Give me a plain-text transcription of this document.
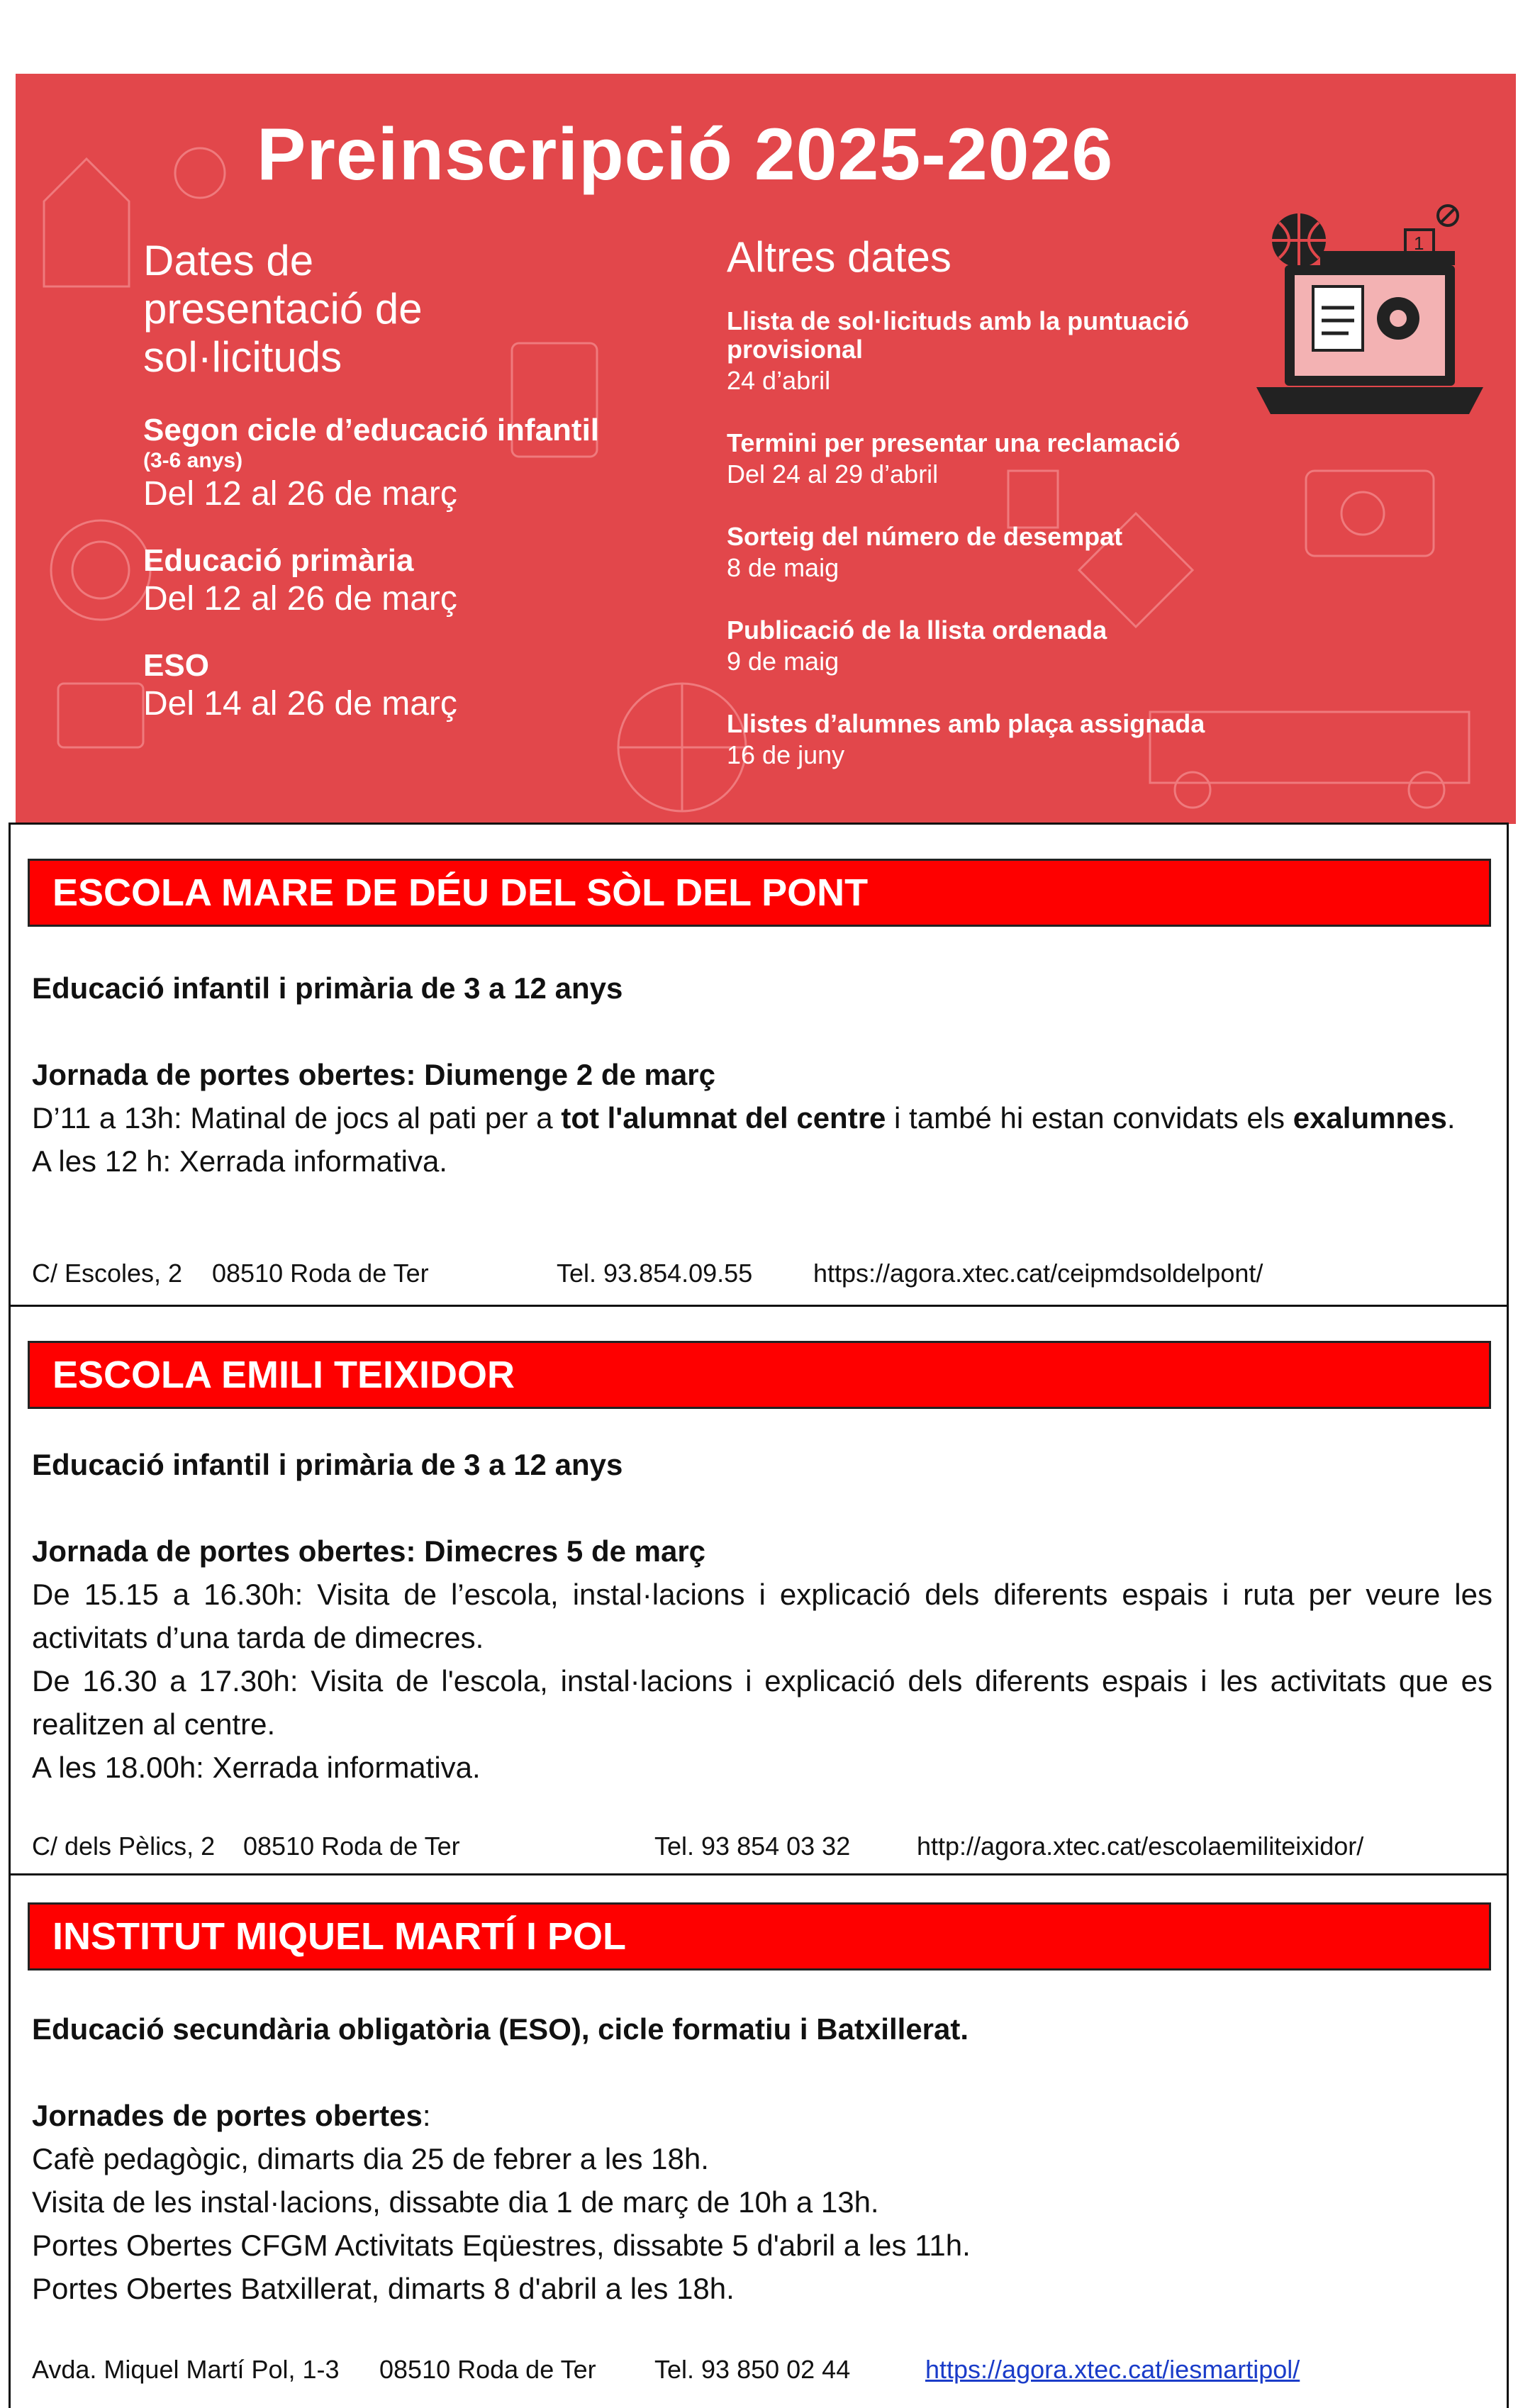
1
Preinscripció 2025-2026
Dates de
presentació de
sol·licituds
Segon cicle d’educació infantil
(3-6 anys)
Del 12 al 26 de març
Educació primària
Del 12 al 26 de març
ESO
Del 14 al 26 de març
Altres dates
Llista de sol·licituds amb la puntuació provisional
24 d’abril
Termini per presentar una reclamació
Del 24 al 29 d’abril
Sorteig del número de desempat
8 de maig
Publicació de la llista ordenada
9 de maig
Llistes d’alumnes amb plaça assignada
16 de juny
ESCOLA MARE DE DÉU DEL SÒL DEL PONT

Educació infantil i primària de 3 a 12 anys

Jornada de portes obertes: Diumenge 2 de març

D’11 a 13h: Matinal de jocs al pati per a tot l'alumnat del centre i també hi estan convidats els exalumnes.

A les 12 h: Xerrada informativa.

C/ Escoles, 2 08510 Roda de Ter	Tel. 93.854.09.55 https://agora.xtec.cat/ceipmdsoldelpont/
ESCOLA EMILI TEIXIDOR

Educació infantil i primària de 3 a 12 anys

Jornada de portes obertes: Dimecres 5 de març

De 15.15 a 16.30h: Visita de l’escola, instal·lacions i explicació dels diferents espais i ruta per veure les activitats d’una tarda de dimecres.

De 16.30 a 17.30h: Visita de l'escola, instal·lacions i explicació dels diferents espais i les activitats que es realitzen al centre.

A les 18.00h: Xerrada informativa.

C/ dels Pèlics, 2 08510 Roda de Ter	Tel. 93 854 03 32	http://agora.xtec.cat/escolaemiliteixidor/
INSTITUT MIQUEL MARTÍ I POL

Educació secundària obligatòria (ESO), cicle formatiu i Batxillerat.

Jornades de portes obertes:

Cafè pedagògic, dimarts dia 25 de febrer a les 18h.

Visita de les instal·lacions, dissabte dia 1 de març de 10h a 13h.

Portes Obertes CFGM Activitats Eqüestres, dissabte 5 d'abril a les 11h.

Portes Obertes Batxillerat, dimarts 8 d'abril a les 18h.

Avda. Miquel Martí Pol, 1-3 08510 Roda de Ter Tel. 93 850 02 44	https://agora.xtec.cat/iesmartipol/
